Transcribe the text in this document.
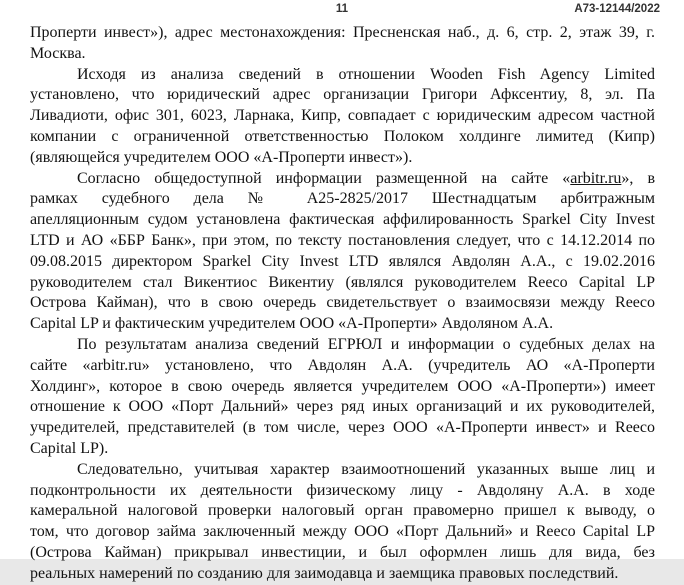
11	А73-12144/2022
Проперти инвест»), адрес местонахождения: Пресненская наб., д. 6, стр. 2, этаж 39, г.
Москва.
Исходя из анализа сведений в отношении Wooden Fish Agency Limited
установлено, что юридический адрес организации Григори Афксентиу, 8, эл. Па
Ливадиоти, офис 301, 6023, Ларнака, Кипр, совпадает с юридическим адресом частной
компании с ограниченной ответственностью Полоком холдинге лимитед (Кипр)
(являющейся учредителем ООО «А-Проперти инвест»).
Согласно общедоступной информации размещенной на сайте «arbitr.ru», в
рамках судебного дела № А25-2825/2017 Шестнадцатым арбитражным
апелляционным судом установлена фактическая аффилированность Sparkel City Invest
LTD и АО «ББР Банк», при этом, по тексту постановления следует, что с 14.12.2014 по
09.08.2015 директором Sparkel City Invest LTD являлся Авдолян А.А., с 19.02.2016
руководителем стал Викентиос Викентиу (являлся руководителем Reeco Capital LP
Острова Кайман), что в свою очередь свидетельствует о взаимосвязи между Reeco
Capital LP и фактическим учредителем ООО «А-Проперти» Авдоляном А.А.
По результатам анализа сведений ЕГРЮЛ и информации о судебных делах на
сайте «arbitr.ru» установлено, что Авдолян А.А. (учредитель АО «А-Проперти
Холдинг», которое в свою очередь является учредителем ООО «А-Проперти») имеет
отношение к ООО «Порт Дальний» через ряд иных организаций и их руководителей,
учредителей, представителей (в том числе, через ООО «А-Проперти инвест» и Reeco
Capital LP).
Следовательно, учитывая характер взаимоотношений указанных выше лиц и
подконтрольности их деятельности физическому лицу - Авдоляну А.А. в ходе
камеральной налоговой проверки налоговый орган правомерно пришел к выводу, о
том, что договор займа заключенный между ООО «Порт Дальний» и Reeco Capital LP
(Острова Кайман) прикрывал инвестиции, и был оформлен лишь для вида, без
реальных намерений по созданию для заимодавца и заемщика правовых последствий.
